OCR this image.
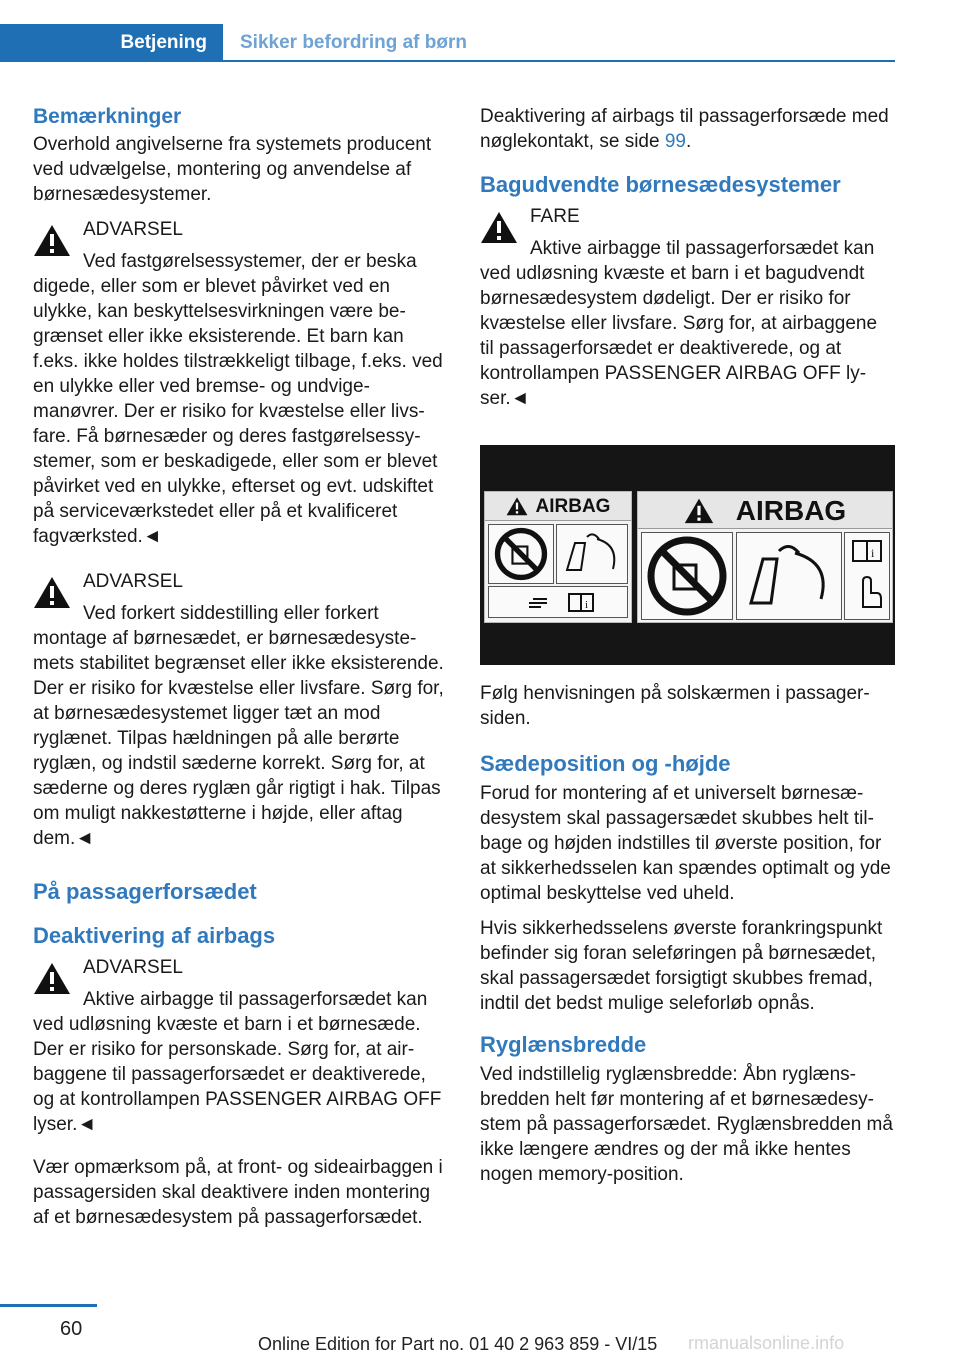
Betjening	Sikker befordring af børn
Bemærkninger

Overhold angivelserne fra systemets producent ved udvælgelse, montering og anvendelse af børnesædesystemer.

ADVARSEL
Ved fastgørelsessystemer, der er beska

digede, eller som er blevet påvirket ved en ulykke, kan beskyttelsesvirkningen være begrænset eller ikke eksisterende. Et barn kan f.eks. ikke holdes tilstrækkeligt tilbage, f.eks. ved en ulykke eller ved bremse- og undvigemanøvrer. Der er risiko for kvæstelse eller livsfare. Få børnesæder og deres fastgørelsessystemer, som er beskadigede, eller som er blevet påvirket ved en ulykke, efterset og evt. udskiftet på serviceværkstedet eller på et kvalificeret fagværksted.◄

ADVARSEL
Ved forkert siddestilling eller forkert

montage af børnesædet, er børnesædesystemets stabilitet begrænset eller ikke eksisterende. Der er risiko for kvæstelse eller livsfare. Sørg for, at børnesædesystemet ligger tæt an mod ryglænet. Tilpas hældningen på alle berørte ryglæn, og indstil sæderne korrekt. Sørg for, at sæderne og deres ryglæn går rigtigt i hak. Tilpas om muligt nakkestøtterne i højde, eller aftag dem.◄

På passagerforsædet
Deaktivering af airbags
ADVARSEL
Aktive airbagge til passagerforsædet kan

ved udløsning kvæste et barn i et børnesæde. Der er risiko for personskade. Sørg for, at airbaggene til passagerforsædet er deaktiverede, og at kontrollampen PASSENGER AIRBAG OFF lyser.◄

Vær opmærksom på, at front- og sideairbaggen i passagersiden skal deaktivere inden montering af et børnesædesystem på passagerforsædet.

Deaktivering af airbags til passagerforsæde med nøglekontakt, se side 99.

Bagudvendte børnesædesystemer
FARE
Aktive airbagge til passagerforsædet kan

ved udløsning kvæste et barn i et bagudvendt børnesædesystem dødeligt. Der er risiko for kvæstelse eller livsfare. Sørg for, at airbaggene til passagerforsædet er deaktiverede, og at kontrollampen PASSENGER AIRBAG OFF lyser.◄

AIRBAG
i
AIRBAG
i

Følg henvisningen på solskærmen i passagersiden.

Sædeposition og -højde

Forud for montering af et universelt børnesædesystem skal passagersædet skubbes helt tilbage og højden indstilles til øverste position, for at sikkerhedsselen kan spændes optimalt og yde optimal beskyttelse ved uheld.

Hvis sikkerhedsselens øverste forankringspunkt befinder sig foran seleføringen på børnesædet, skal passagersædet forsigtigt skubbes fremad, indtil det bedst mulige seleforløb opnås.

Ryglænsbredde

Ved indstillelig ryglænsbredde: Åbn ryglænsbredden helt før montering af et børnesædesystem på passagerforsædet. Ryglænsbredden må ikke længere ændres og der må ikke hentes nogen memory-position.

60
Online Edition for Part no. 01 40 2 963 859 - VI/15 rmanualsonline.info
